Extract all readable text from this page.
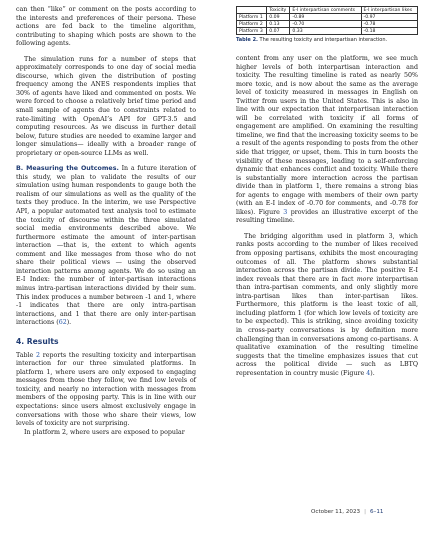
can then “like” or comment on the posts according to the interests and preferences of their persona. These actions are fed back to the timeline algorithm, contributing to shaping which posts are shown to the following agents.

The simulation runs for a number of steps that approximately corresponds to one day of social media discourse, which given the distribution of posting frequency among the ANES respondents implies that 30% of agents have liked and commented on posts. We were forced to choose a relatively brief time period and small sample of agents due to constraints related to rate-limiting with OpenAI’s API for GPT-3.5 and computing resources. As we discuss in further detail below, future studies are needed to examine larger and longer simulations— ideally with a broader range of proprietary or open-source LLMs as well.

B. Measuring the Outcomes. In a future iteration of this study, we plan to validate the results of our simulation using human respondents to gauge both the realism of our simulations as well as the quality of the texts they produce. In the interim, we use Perspective API, a popular automated text analysis tool to estimate the toxicity of discourse within the three simulated social media environments described above. We furthermore estimate the amount of inter-partisan interaction —that is, the extent to which agents comment and like messages from those who do not share their political views — using the observed interaction patterns among agents. We do so using an E-I Index: the number of inter-partisan interactions minus intra-partisan interactions divided by their sum. This index produces a number between -1 and 1, where -1 indicates that there are only intra-partisan interactions, and 1 that there are only inter-partisan interactions (62).

4. Results

Table 2 reports the resulting toxicity and interpartisan interaction for our three simulated platforms. In platform 1, where users are only exposed to engaging messages from those they follow, we find low levels of toxicity, and nearly no interaction with messages from members of the opposing party. This is in line with our expectations: since users almost exclusively engage in conversations with those who share their views, low levels of toxicity are not surprising.

In platform 2, where users are exposed to popular

	Toxicity	E-I interpartisan comments	E-I interpartisan likes
Platform 1	0.09	-0.89	-0.97
Platform 2	0.13	-0.70	-0.78
Platform 3	0.07	0.33	-0.18
Table 2. The resulting toxicity and interpartisan interaction.

content from any user on the platform, we see much higher levels of both interpartisan interaction and toxicity. The resulting timeline is rated as nearly 50% more toxic, and is now about the same as the average level of toxicity measured in messages in English on Twitter from users in the United States. This is also in line with our expectation that interpartisan interaction will be correlated with toxicity if all forms of engagement are amplified. On examining the resulting timeline, we find that the increasing toxicity seems to be a result of the agents responding to posts from the other side that trigger, or upset, them. This in turn boosts the visibility of these messages, leading to a self-enforcing dynamic that enhances conflict and toxicity. While there is substantially more interaction across the partisan divide than in platform 1, there remains a strong bias for agents to engage with members of their own party (with an E-I index of -0.70 for comments, and -0.78 for likes). Figure 3 provides an illustrative excerpt of the resulting timeline.

The bridging algorithm used in platform 3, which ranks posts according to the number of likes received from opposing partisans, exhibits the most encouraging outcomes of all. The platform shows substantial interaction across the partisan divide. The positive E-I index reveals that there are in fact more interpartisan than intra-partisan comments, and only slightly more intra-partisan likes than inter-partisan likes. Furthermore, this platform is the least toxic of all, including platform 1 (for which low levels of toxicity are to be expected). This is striking, since avoiding toxicity in cross-party conversations is by definition more challenging than in conversations among co-partisans. A qualitative examination of the resulting timeline suggests that the timeline emphasizes issues that cut across the political divide — such as LBTQ representation in country music (Figure 4).

October 11, 2023 | 6–11
